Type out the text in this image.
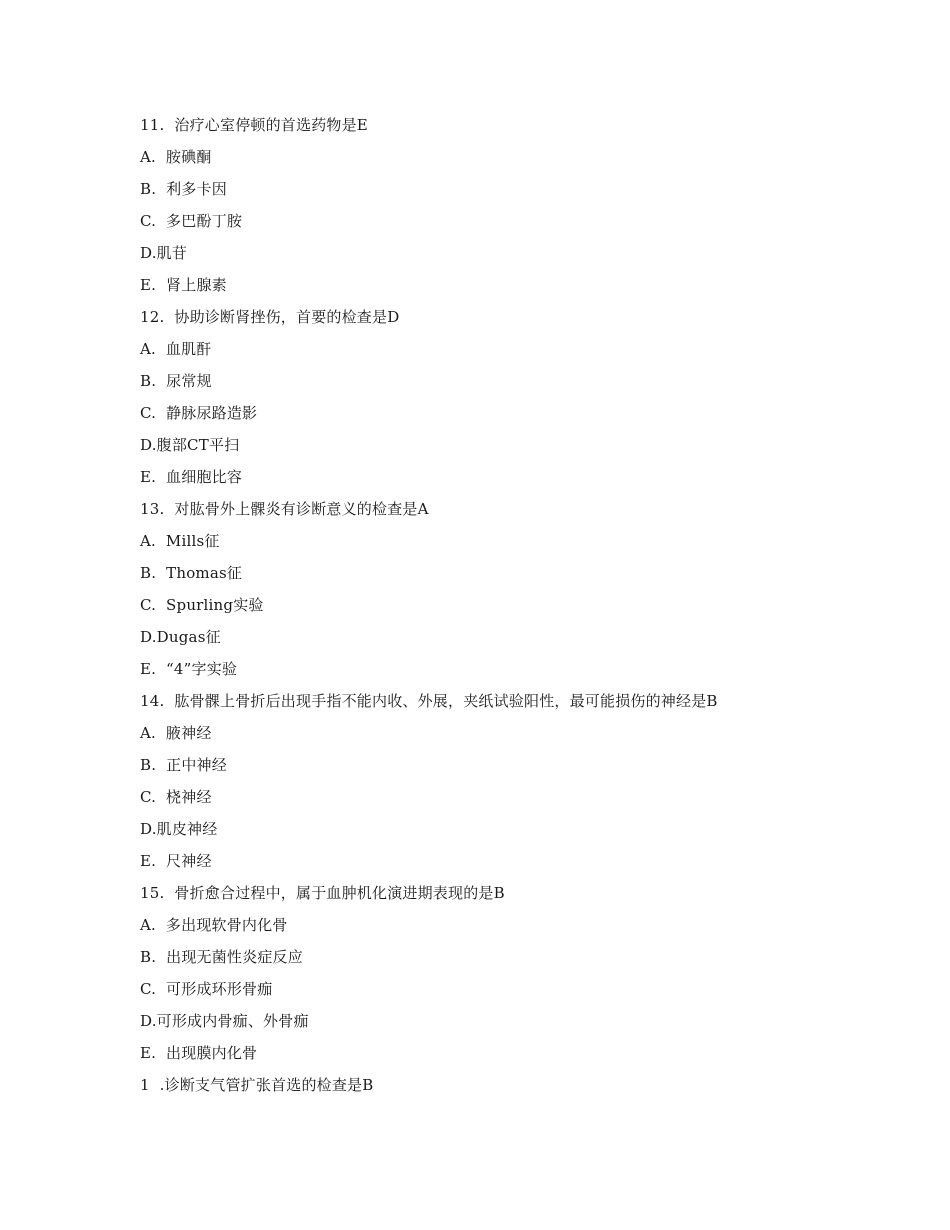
11.  治疗心室停顿的首选药物是E
A.  胺碘酮
B.  利多卡因
C.  多巴酚丁胺
D.肌苷
E.  肾上腺素
12.  协助诊断肾挫伤，首要的检查是D
A.  血肌酐
B.  尿常规
C.  静脉尿路造影
D.腹部CT平扫
E.  血细胞比容
13.  对肱骨外上髁炎有诊断意义的检查是A
A.  Mills征
B.  Thomas征
C.  Spurling实验
D.Dugas征
E.  “4”字实验
14.  肱骨髁上骨折后出现手指不能内收、外展，夹纸试验阳性，最可能损伤的神经是B
A.  腋神经
B.  正中神经
C.  桡神经
D.肌皮神经
E.  尺神经
15.  骨折愈合过程中，属于血肿机化演进期表现的是B
A.  多出现软骨内化骨
B.  出现无菌性炎症反应
C.  可形成环形骨痂
D.可形成内骨痂、外骨痂
E.  出现膜内化骨
1  .诊断支气管扩张首选的检查是B
